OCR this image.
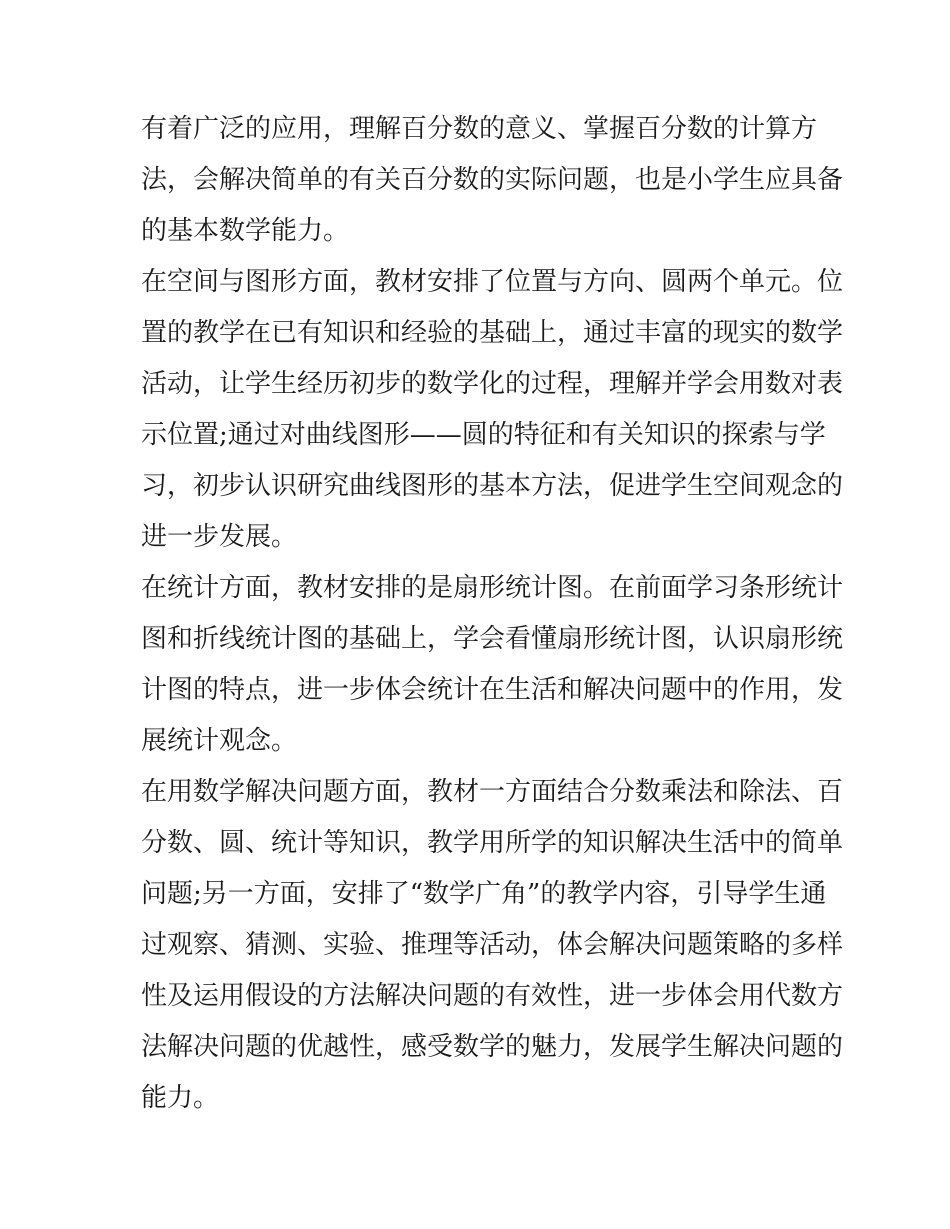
有着广泛的应用，理解百分数的意义、掌握百分数的计算方
法，会解决简单的有关百分数的实际问题，也是小学生应具备
的基本数学能力。
在空间与图形方面，教材安排了位置与方向、圆两个单元。位
置的教学在已有知识和经验的基础上，通过丰富的现实的数学
活动，让学生经历初步的数学化的过程，理解并学会用数对表
示位置;通过对曲线图形——圆的特征和有关知识的探索与学
习，初步认识研究曲线图形的基本方法，促进学生空间观念的
进一步发展。
在统计方面，教材安排的是扇形统计图。在前面学习条形统计
图和折线统计图的基础上，学会看懂扇形统计图，认识扇形统
计图的特点，进一步体会统计在生活和解决问题中的作用，发
展统计观念。
在用数学解决问题方面，教材一方面结合分数乘法和除法、百
分数、圆、统计等知识，教学用所学的知识解决生活中的简单
问题;另一方面，安排了“数学广角”的教学内容，引导学生通
过观察、猜测、实验、推理等活动，体会解决问题策略的多样
性及运用假设的方法解决问题的有效性，进一步体会用代数方
法解决问题的优越性，感受数学的魅力，发展学生解决问题的
能力。
